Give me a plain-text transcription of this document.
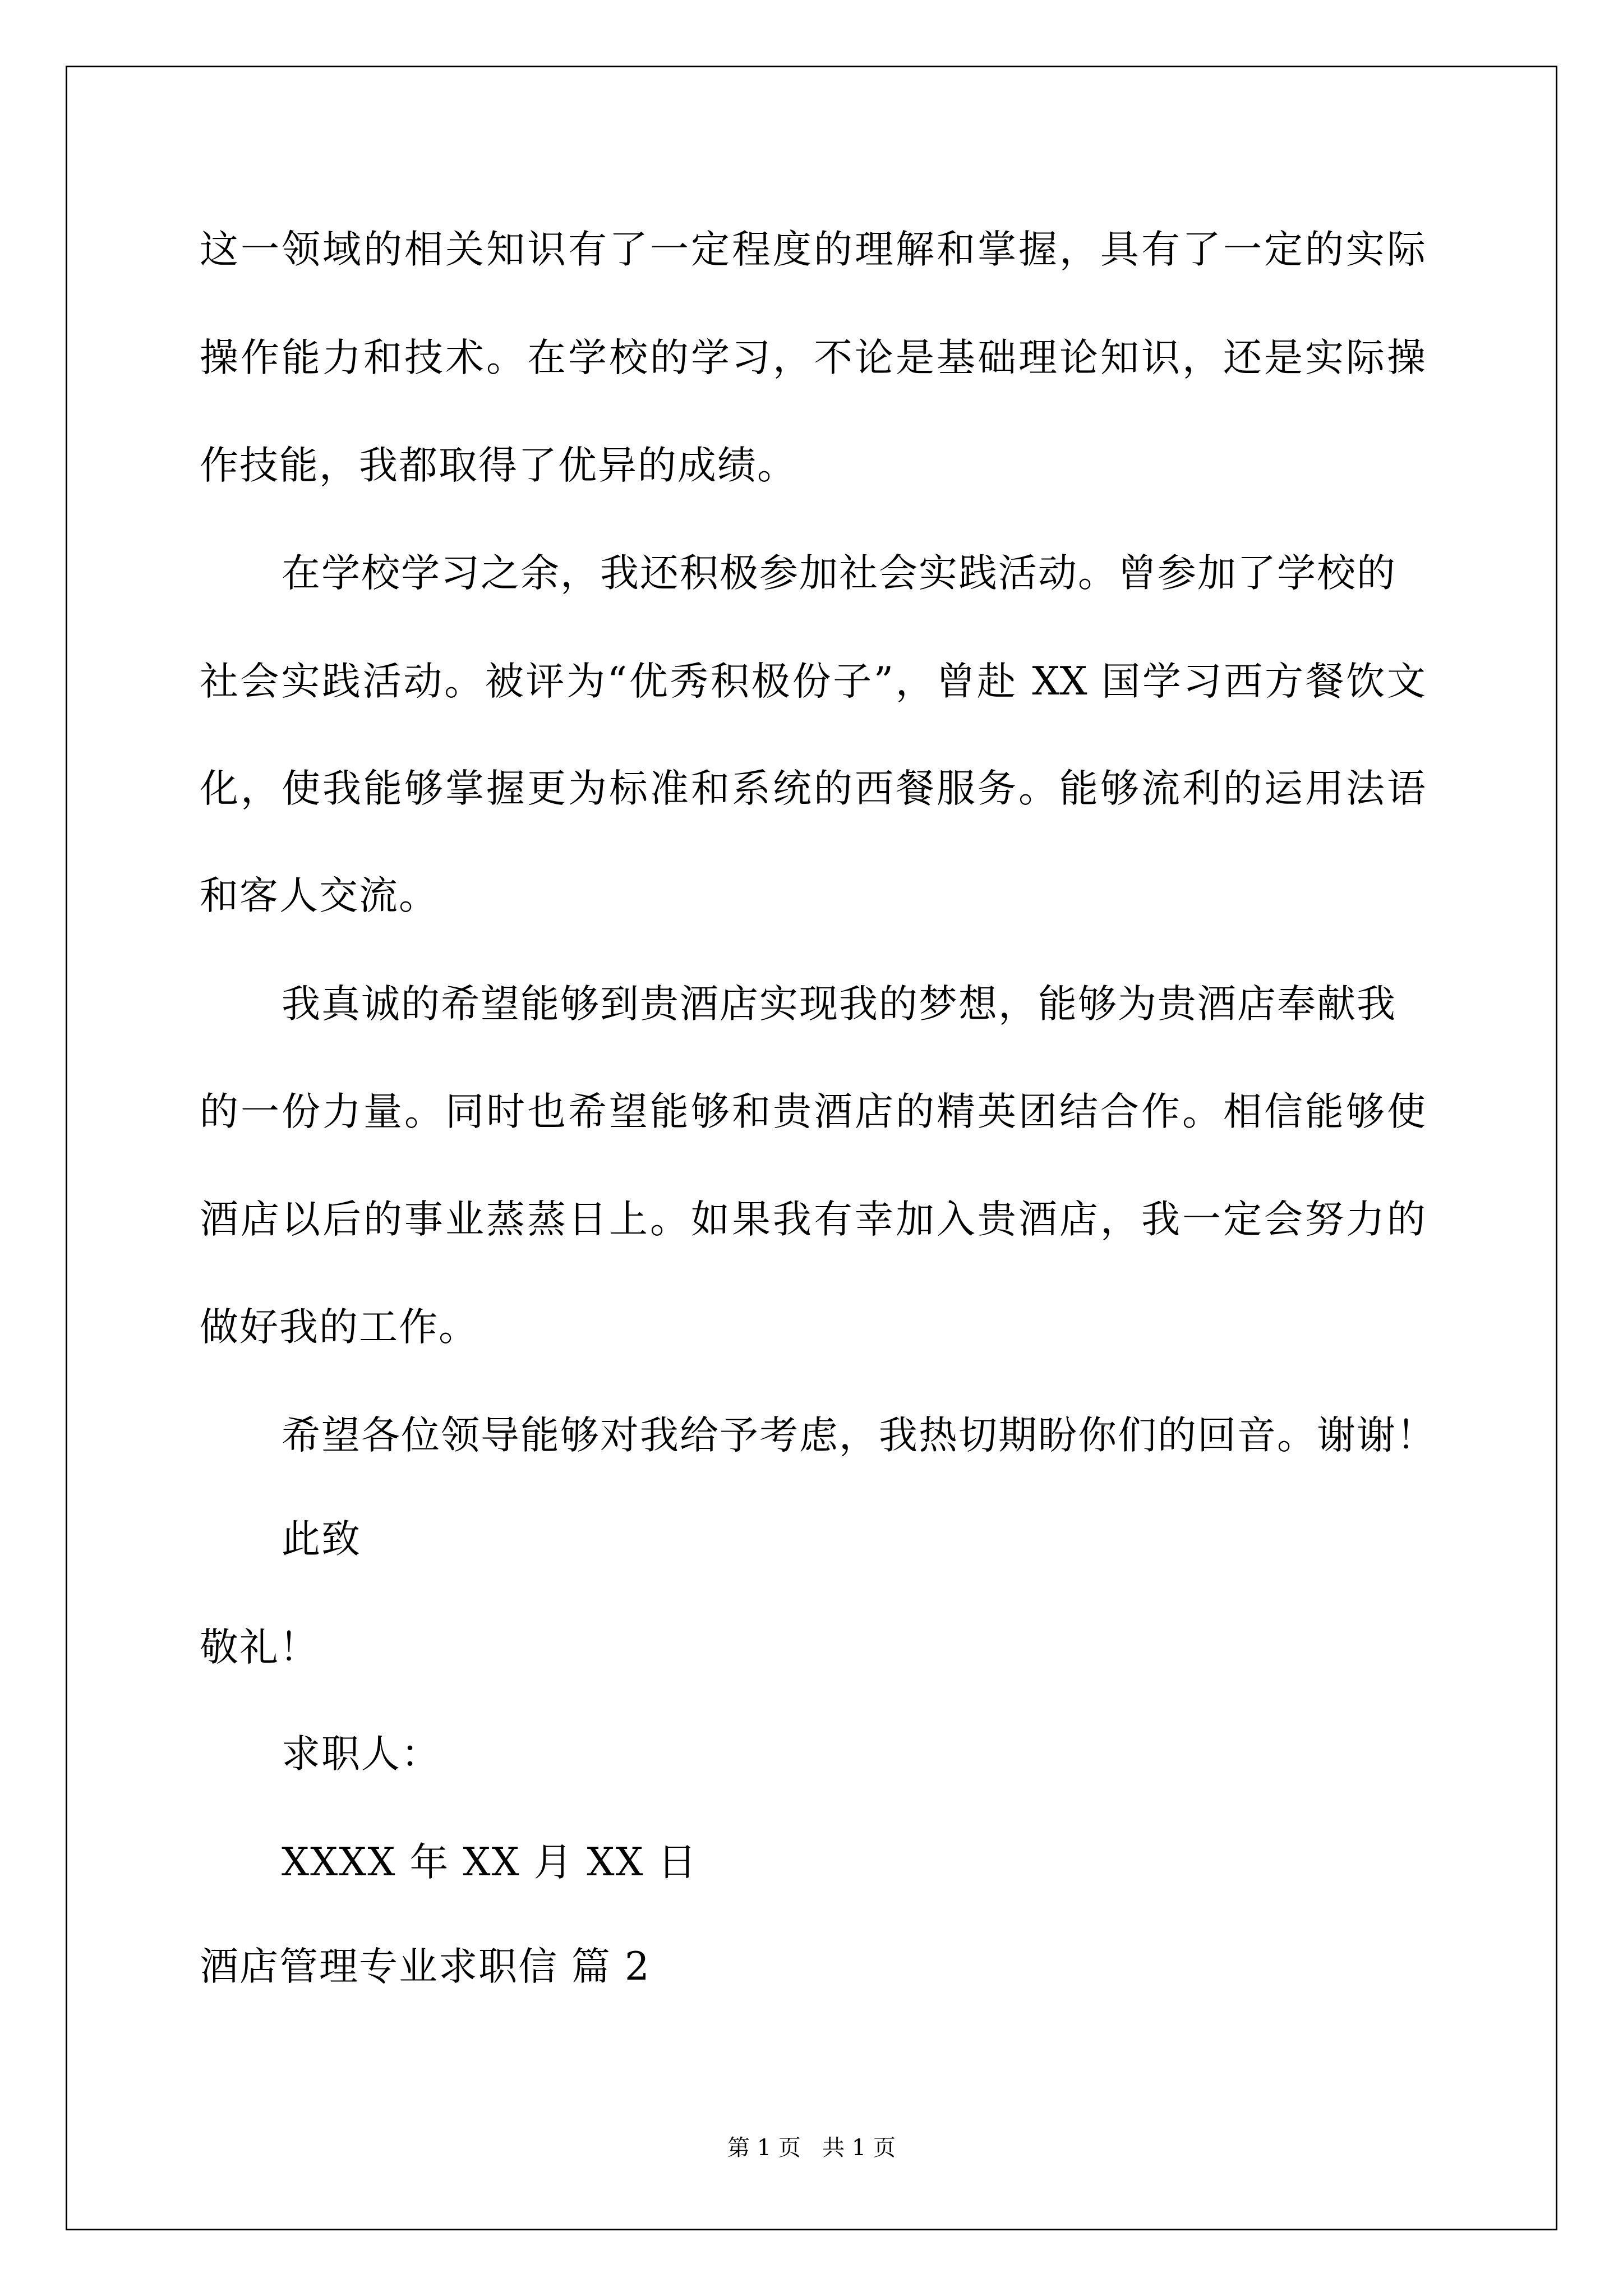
这一领域的相关知识有了一定程度的理解和掌握，具有了一定的实际
操作能力和技术。在学校的学习，不论是基础理论知识，还是实际操
作技能，我都取得了优异的成绩。
在学校学习之余，我还积极参加社会实践活动。曾参加了学校的
社会实践活动。被评为“优秀积极份子”，曾赴 XX 国学习西方餐饮文
化，使我能够掌握更为标准和系统的西餐服务。能够流利的运用法语
和客人交流。
我真诚的希望能够到贵酒店实现我的梦想，能够为贵酒店奉献我
的一份力量。同时也希望能够和贵酒店的精英团结合作。相信能够使
酒店以后的事业蒸蒸日上。如果我有幸加入贵酒店，我一定会努力的
做好我的工作。
希望各位领导能够对我给予考虑，我热切期盼你们的回音。谢谢！
此致
敬礼！
求职人：
XXXX 年 XX 月 XX 日
酒店管理专业求职信 篇 2
第 1 页   共 1 页
